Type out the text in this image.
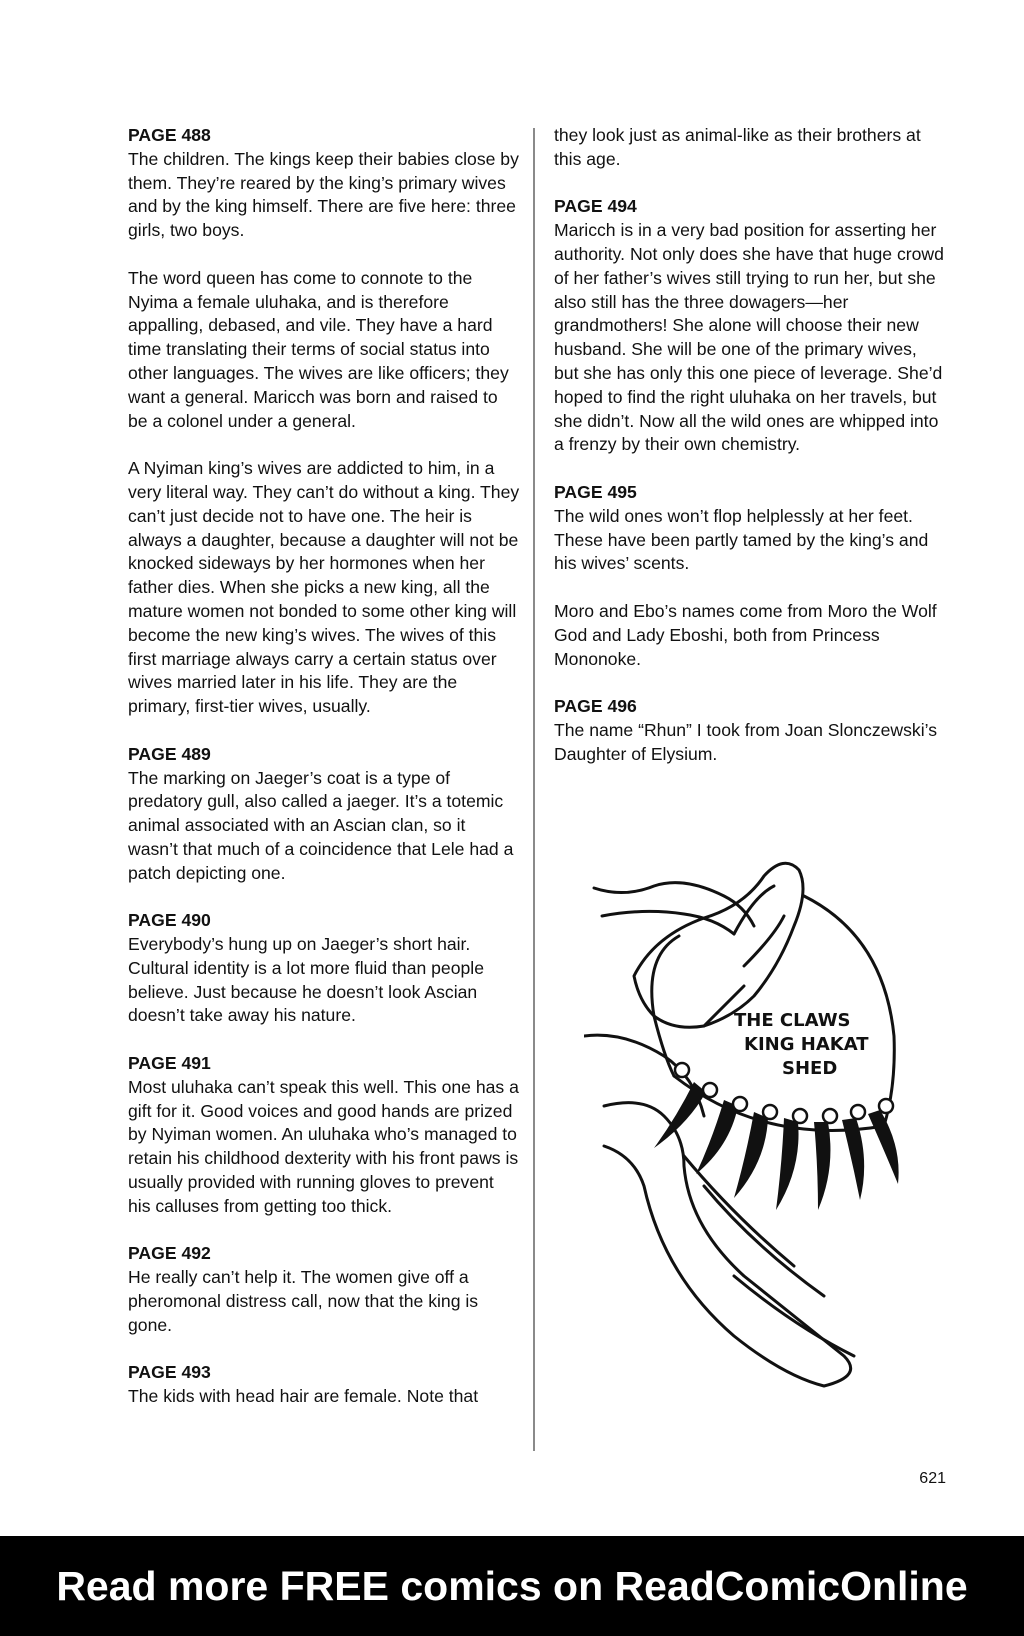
PAGE 488

The children. The kings keep their babies close by them. They’re reared by the king’s primary wives and by the king himself. There are five here: three girls, two boys.

The word queen has come to connote to the Nyima a female uluhaka, and is therefore appalling, debased, and vile. They have a hard time translating their terms of social status into other languages. The wives are like officers; they want a general. Maricch was born and raised to be a colonel under a general.

A Nyiman king’s wives are addicted to him, in a very literal way. They can’t do without a king. They can’t just decide not to have one. The heir is always a daughter, because a daughter will not be knocked sideways by her hormones when her father dies. When she picks a new king, all the mature women not bonded to some other king will become the new king’s wives. The wives of this first marriage always carry a certain status over wives married later in his life. They are the primary, first-tier wives, usually.

PAGE 489

The marking on Jaeger’s coat is a type of predatory gull, also called a jaeger. It’s a totemic animal associated with an Ascian clan, so it wasn’t that much of a coincidence that Lele had a patch depicting one.

PAGE 490

Everybody’s hung up on Jaeger’s short hair. Cultural identity is a lot more fluid than people believe. Just because he doesn’t look Ascian doesn’t take away his nature.

PAGE 491

Most uluhaka can’t speak this well. This one has a gift for it. Good voices and good hands are prized by Nyiman women. An uluhaka who’s managed to retain his childhood dexterity with his front paws is usually provided with running gloves to prevent his calluses from getting too thick.

PAGE 492

He really can’t help it. The women give off a pheromonal distress call, now that the king is gone.

PAGE 493

The kids with head hair are female. Note that

they look just as animal-like as their brothers at this age.

PAGE 494

Maricch is in a very bad position for asserting her authority. Not only does she have that huge crowd of her father’s wives still trying to run her, but she also still has the three dowagers—her grandmothers! She alone will choose their new husband. She will be one of the primary wives, but she has only this one piece of leverage. She’d hoped to find the right uluhaka on her travels, but she didn’t. Now all the wild ones are whipped into a frenzy by their own chemistry.

PAGE 495

The wild ones won’t flop helplessly at her feet. These have been partly tamed by the king’s and his wives’ scents.

Moro and Ebo’s names come from Moro the Wolf God and Lady Eboshi, both from Princess Mononoke.

PAGE 496

The name “Rhun” I took from Joan Slonczewski’s Daughter of Elysium.

THE CLAWS
KING HAKAT
SHED
621
Read more FREE comics on ReadComicOnline
